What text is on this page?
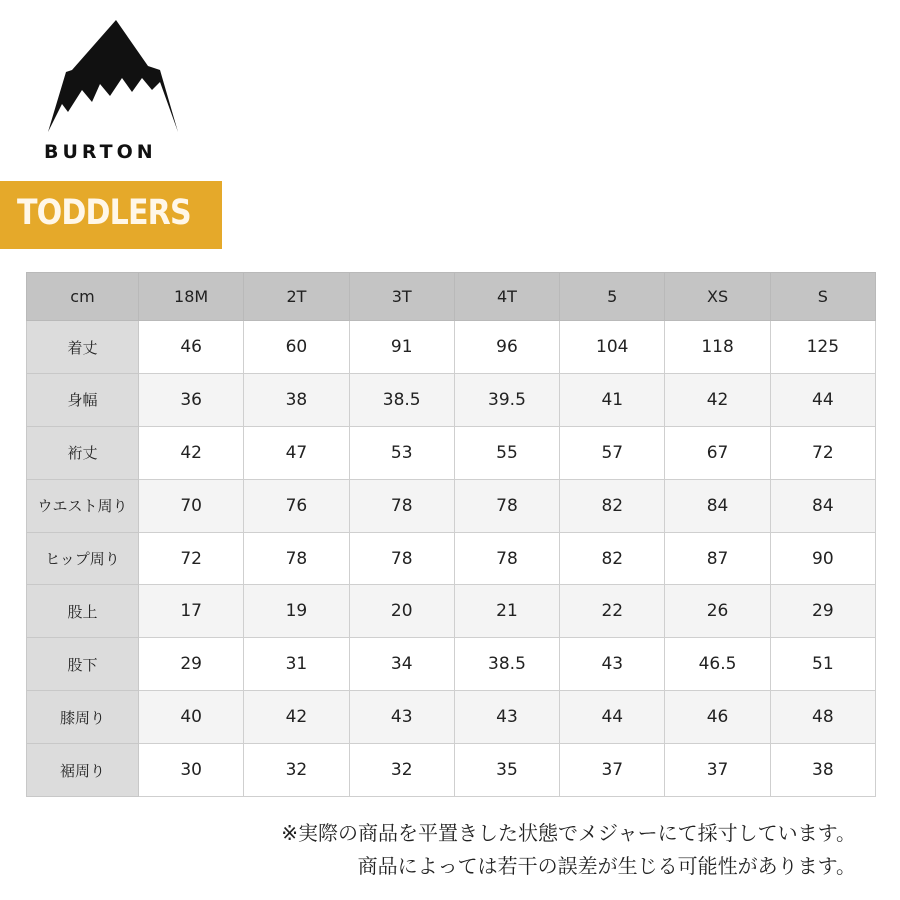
BURTON
TODDLERS
cm	18M	2T	3T	4T	5	XS	S
着丈	46	60	91	96	104	118	125
身幅	36	38	38.5	39.5	41	42	44
裄丈	42	47	53	55	57	67	72
ウエスト周り	70	76	78	78	82	84	84
ヒップ周り	72	78	78	78	82	87	90
股上	17	19	20	21	22	26	29
股下	29	31	34	38.5	43	46.5	51
膝周り	40	42	43	43	44	46	48
裾周り	30	32	32	35	37	37	38
※実際の商品を平置きした状態でメジャーにて採寸しています。
商品によっては若干の誤差が生じる可能性があります。
